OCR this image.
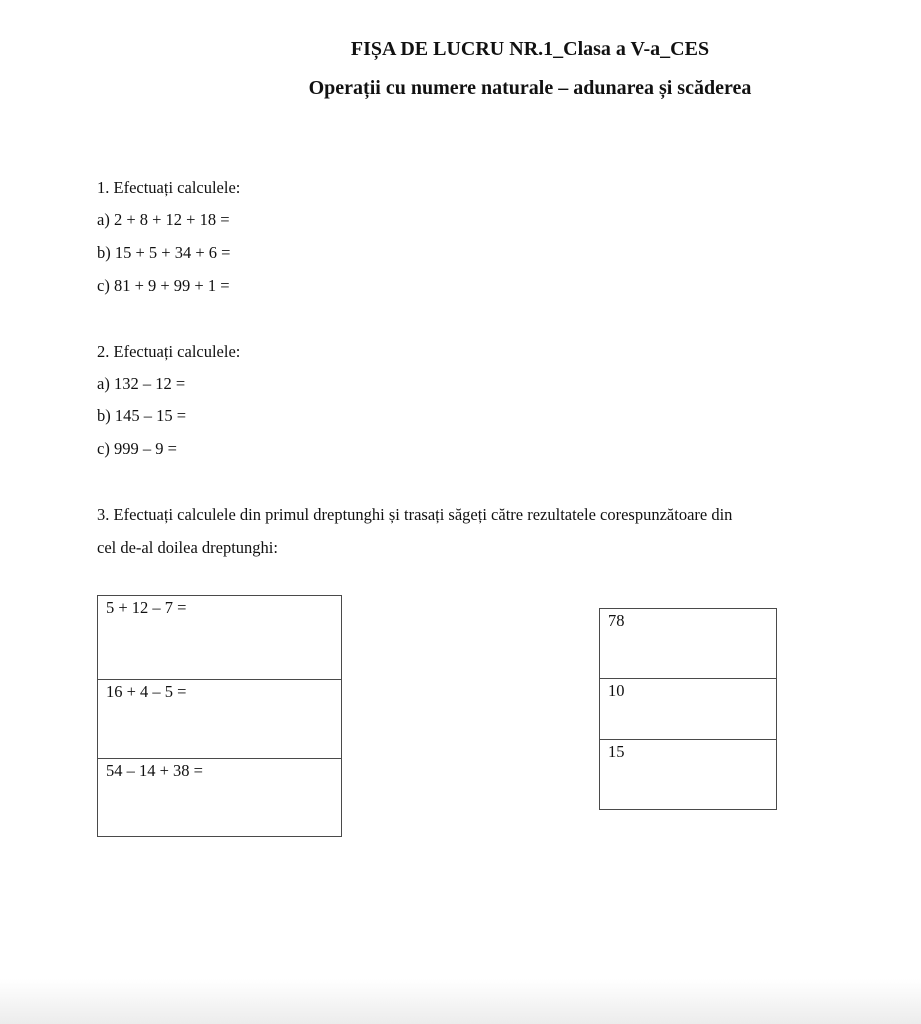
FIȘA DE LUCRU NR.1_Clasa a V-a_CES
Operații cu numere naturale – adunarea și scăderea
1. Efectuați calculele:
a) 2 + 8 + 12 + 18 =
b) 15 + 5 + 34 + 6 =
c) 81 + 9 + 99 + 1 =
2. Efectuați calculele:
a) 132 – 12 =
b) 145 – 15 =
c) 999 – 9 =
3. Efectuați calculele din primul dreptunghi și trasați săgeți către rezultatele corespunzătoare din
cel de-al doilea dreptunghi:
5 + 12 – 7 =
16 + 4 – 5 =
54 – 14 + 38 =
78
10
15
